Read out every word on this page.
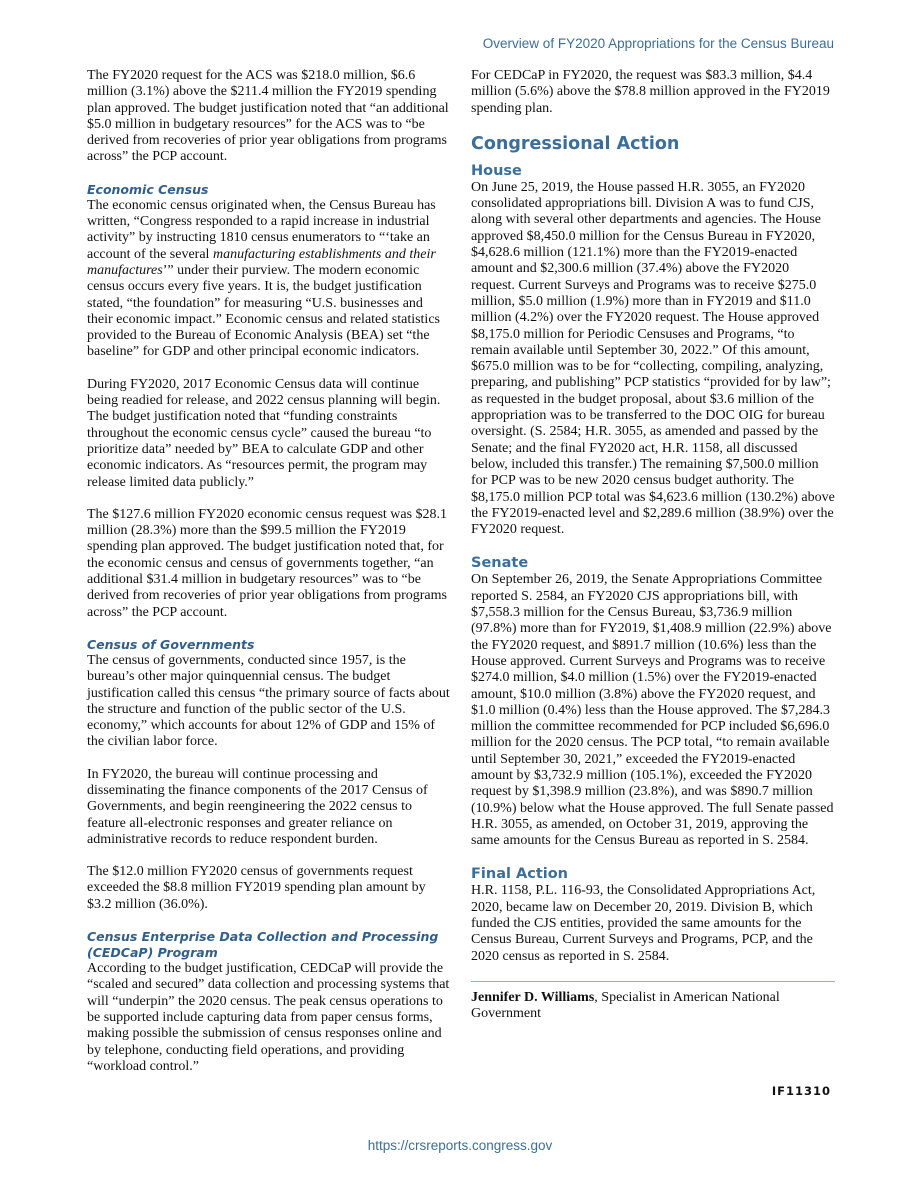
Overview of FY2020 Appropriations for the Census Bureau

The FY2020 request for the ACS was $218.0 million, $6.6 million (3.1%) above the $211.4 million the FY2019 spending plan approved. The budget justification noted that “an additional $5.0 million in budgetary resources” for the ACS was to “be derived from recoveries of prior year obligations from programs across” the PCP account.

Economic Census

The economic census originated when, the Census Bureau has written, “Congress responded to a rapid increase in industrial activity” by instructing 1810 census enumerators to “‘take an account of the several manufacturing establishments and their manufactures’” under their purview. The modern economic census occurs every five years. It is, the budget justification stated, “the foundation” for measuring “U.S. businesses and their economic impact.” Economic census and related statistics provided to the Bureau of Economic Analysis (BEA) set “the baseline” for GDP and other principal economic indicators.

During FY2020, 2017 Economic Census data will continue being readied for release, and 2022 census planning will begin. The budget justification noted that “funding constraints throughout the economic census cycle” caused the bureau “to prioritize data” needed by” BEA to calculate GDP and other economic indicators. As “resources permit, the program may release limited data publicly.”

The $127.6 million FY2020 economic census request was $28.1 million (28.3%) more than the $99.5 million the FY2019 spending plan approved. The budget justification noted that, for the economic census and census of governments together, “an additional $31.4 million in budgetary resources” was to “be derived from recoveries of prior year obligations from programs across” the PCP account.

Census of Governments

The census of governments, conducted since 1957, is the bureau’s other major quinquennial census. The budget justification called this census “the primary source of facts about the structure and function of the public sector of the U.S. economy,” which accounts for about 12% of GDP and 15% of the civilian labor force.

In FY2020, the bureau will continue processing and disseminating the finance components of the 2017 Census of Governments, and begin reengineering the 2022 census to feature all-electronic responses and greater reliance on administrative records to reduce respondent burden.

The $12.0 million FY2020 census of governments request exceeded the $8.8 million FY2019 spending plan amount by $3.2 million (36.0%).

Census Enterprise Data Collection and Processing (CEDCaP) Program

According to the budget justification, CEDCaP will provide the “scaled and secured” data collection and processing systems that will “underpin” the 2020 census. The peak census operations to be supported include capturing data from paper census forms, making possible the submission of census responses online and by telephone, conducting field operations, and providing “workload control.”

For CEDCaP in FY2020, the request was $83.3 million, $4.4 million (5.6%) above the $78.8 million approved in the FY2019 spending plan.

Congressional Action
House

On June 25, 2019, the House passed H.R. 3055, an FY2020 consolidated appropriations bill. Division A was to fund CJS, along with several other departments and agencies. The House approved $8,450.0 million for the Census Bureau in FY2020, $4,628.6 million (121.1%) more than the FY2019-enacted amount and $2,300.6 million (37.4%) above the FY2020 request. Current Surveys and Programs was to receive $275.0 million, $5.0 million (1.9%) more than in FY2019 and $11.0 million (4.2%) over the FY2020 request. The House approved $8,175.0 million for Periodic Censuses and Programs, “to remain available until September 30, 2022.” Of this amount, $675.0 million was to be for “collecting, compiling, analyzing, preparing, and publishing” PCP statistics “provided for by law”; as requested in the budget proposal, about $3.6 million of the appropriation was to be transferred to the DOC OIG for bureau oversight. (S. 2584; H.R. 3055, as amended and passed by the Senate; and the final FY2020 act, H.R. 1158, all discussed below, included this transfer.) The remaining $7,500.0 million for PCP was to be new 2020 census budget authority. The $8,175.0 million PCP total was $4,623.6 million (130.2%) above the FY2019-enacted level and $2,289.6 million (38.9%) over the FY2020 request.

Senate

On September 26, 2019, the Senate Appropriations Committee reported S. 2584, an FY2020 CJS appropriations bill, with $7,558.3 million for the Census Bureau, $3,736.9 million (97.8%) more than for FY2019, $1,408.9 million (22.9%) above the FY2020 request, and $891.7 million (10.6%) less than the House approved. Current Surveys and Programs was to receive $274.0 million, $4.0 million (1.5%) over the FY2019-enacted amount, $10.0 million (3.8%) above the FY2020 request, and $1.0 million (0.4%) less than the House approved. The $7,284.3 million the committee recommended for PCP included $6,696.0 million for the 2020 census. The PCP total, “to remain available until September 30, 2021,” exceeded the FY2019-enacted amount by $3,732.9 million (105.1%), exceeded the FY2020 request by $1,398.9 million (23.8%), and was $890.7 million (10.9%) below what the House approved. The full Senate passed H.R. 3055, as amended, on October 31, 2019, approving the same amounts for the Census Bureau as reported in S. 2584.

Final Action

H.R. 1158, P.L. 116-93, the Consolidated Appropriations Act, 2020, became law on December 20, 2019. Division B, which funded the CJS entities, provided the same amounts for the Census Bureau, Current Surveys and Programs, PCP, and the 2020 census as reported in S. 2584.

Jennifer D. Williams, Specialist in American National Government

IF11310
https://crsreports.congress.gov
